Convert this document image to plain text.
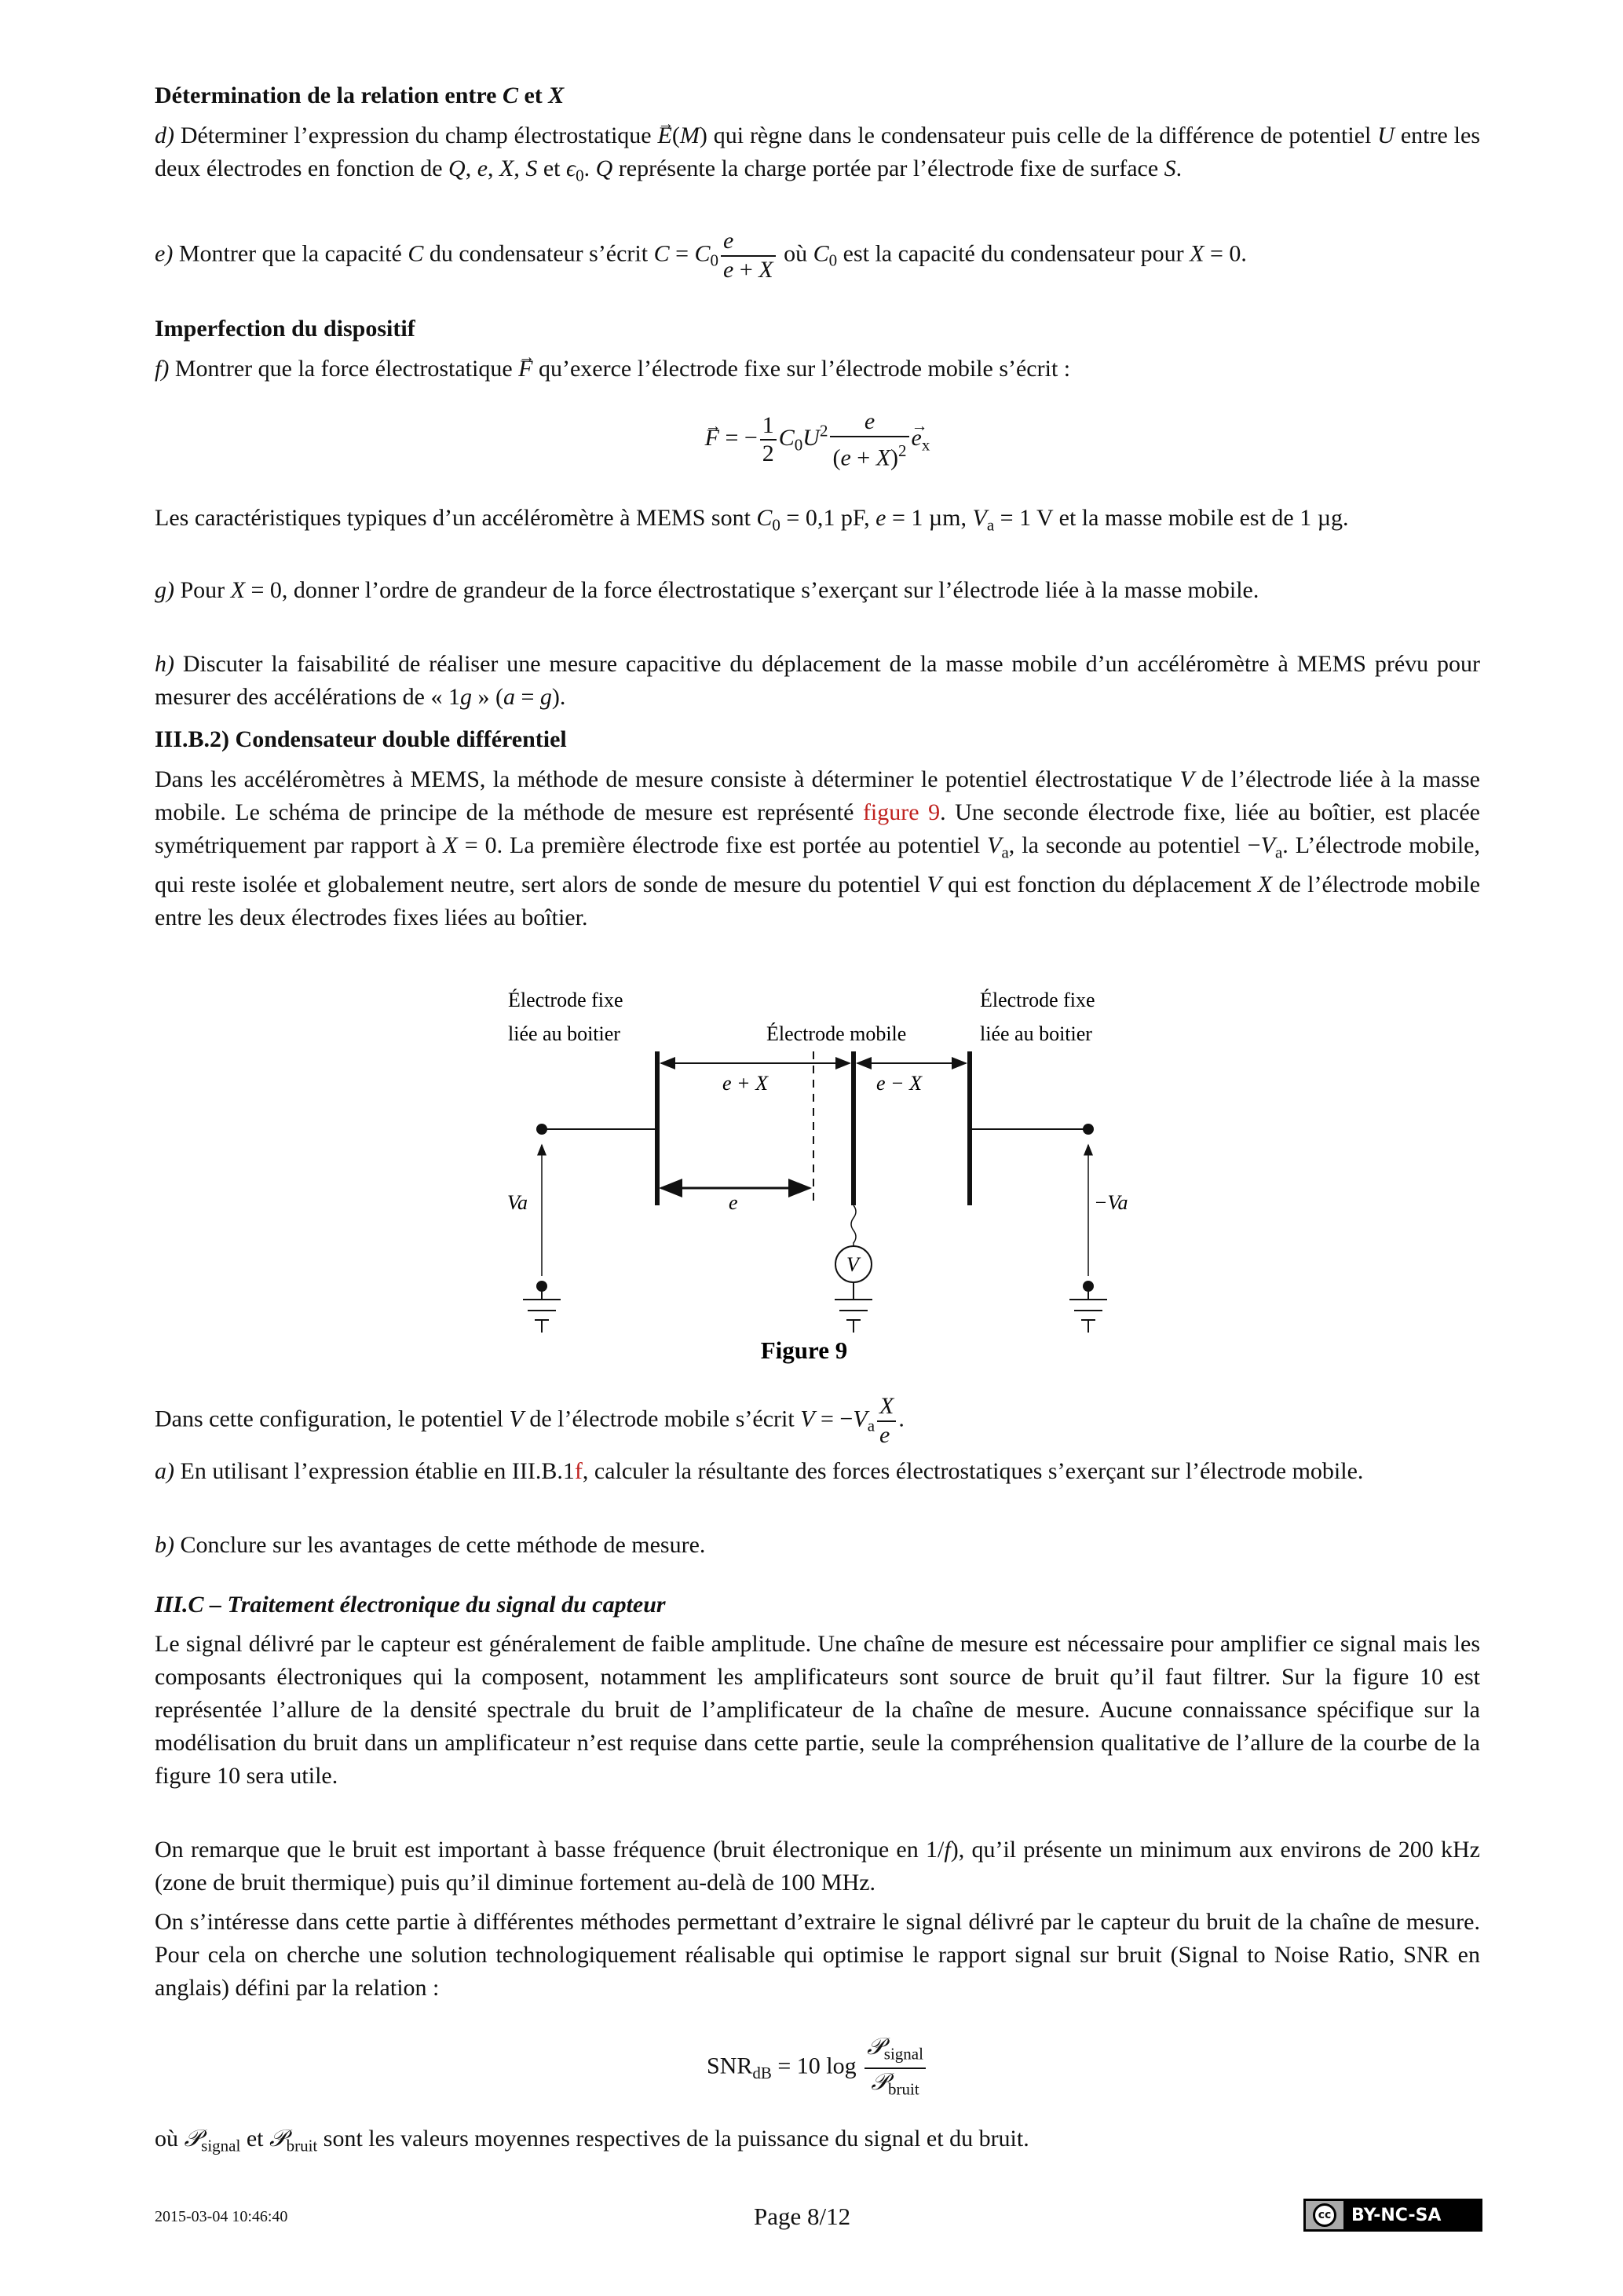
Détermination de la relation entre C et X
d) Déterminer l’expression du champ électrostatique → E(M) qui règne dans le condensateur puis celle de la différence de potentiel U entre les deux électrodes en fonction de Q, e, X, S et $\epsilon_0$. Q représente la charge portée par l’électrode fixe de surface S.
e) Montrer que la capacité C du condensateur s’écrit $C = C_0 \frac{e}{e + X}$ où $C_0$ est la capacité du condensateur pour X = 0.
Imperfection du dispositif
f) Montrer que la force électrostatique → F qu’exerce l’électrode fixe sur l’électrode mobile s’écrit :
→ F = − $\frac{1}{2} C_0U^2 \frac{e}{(e + X)^2} \to e_x$
Les caractéristiques typiques d’un accéléromètre à MEMS sont $C_0 = 0,1$ pF, e = 1 µm, $V_a = 1$ V et la masse mobile est de 1 µg.
g) Pour X = 0, donner l’ordre de grandeur de la force électrostatique s’exerçant sur l’électrode liée à la masse mobile.
h) Discuter la faisabilité de réaliser une mesure capacitive du déplacement de la masse mobile d’un accéléromètre à MEMS prévu pour mesurer des accélérations de « 1g » (a = g).
III.B.2) Condensateur double différentiel
Dans les accéléromètres à MEMS, la méthode de mesure consiste à déterminer le potentiel électrostatique V de l’électrode liée à la masse mobile. Le schéma de principe de la méthode de mesure est représenté figure 9. Une seconde électrode fixe, liée au boîtier, est placée symétriquement par rapport à X = 0. La première électrode fixe est portée au potentiel $V_a$, la seconde au potentiel $-V_a$. L’électrode mobile, qui reste isolée et globalement neutre, sert alors de sonde de mesure du potentiel V qui est fonction du déplacement X de l’électrode mobile entre les deux électrodes fixes liées au boîtier.
Électrode fixe
liée au boitier	Électrode mobile
Électrode fixe
liée au boitier
e + X	e − X
e
Va	−Va
V
Figure 9
Dans cette configuration, le potentiel V de l’électrode mobile s’écrit $V = -V_a \frac{X}{e}$ .
a) En utilisant l’expression établie en III.B.1f, calculer la résultante des forces électrostatiques s’exerçant sur l’électrode mobile.
b) Conclure sur les avantages de cette méthode de mesure.
III.C – Traitement électronique du signal du capteur
Le signal délivré par le capteur est généralement de faible amplitude. Une chaîne de mesure est nécessaire pour amplifier ce signal mais les composants électroniques qui la composent, notamment les amplificateurs sont source de bruit qu’il faut filtrer. Sur la figure 10 est représentée l’allure de la densité spectrale du bruit de l’amplificateur de la chaîne de mesure. Aucune connaissance spécifique sur la modélisation du bruit dans un amplificateur n’est requise dans cette partie, seule la compréhension qualitative de l’allure de la courbe de la figure 10 sera utile.
On remarque que le bruit est important à basse fréquence (bruit électronique en 1/f), qu’il présente un minimum aux environs de 200 kHz (zone de bruit thermique) puis qu’il diminue fortement au-delà de 100 MHz.
On s’intéresse dans cette partie à différentes méthodes permettant d’extraire le signal délivré par le capteur du bruit de la chaîne de mesure. Pour cela on cherche une solution technologiquement réalisable qui optimise le rapport signal sur bruit (Signal to Noise Ratio, SNR en anglais) défini par la relation :
$SNR_{dB} = 10$ $\log \frac{𝒫_{signal}}{𝒫_{bruit}}$
où 𝒫$_{signal}$ et 𝒫$_{bruit}$ sont les valeurs moyennes respectives de la puissance du signal et du bruit.
2015-03-04 10:46:40	Page 8/12	cc	BY-NC-SA
